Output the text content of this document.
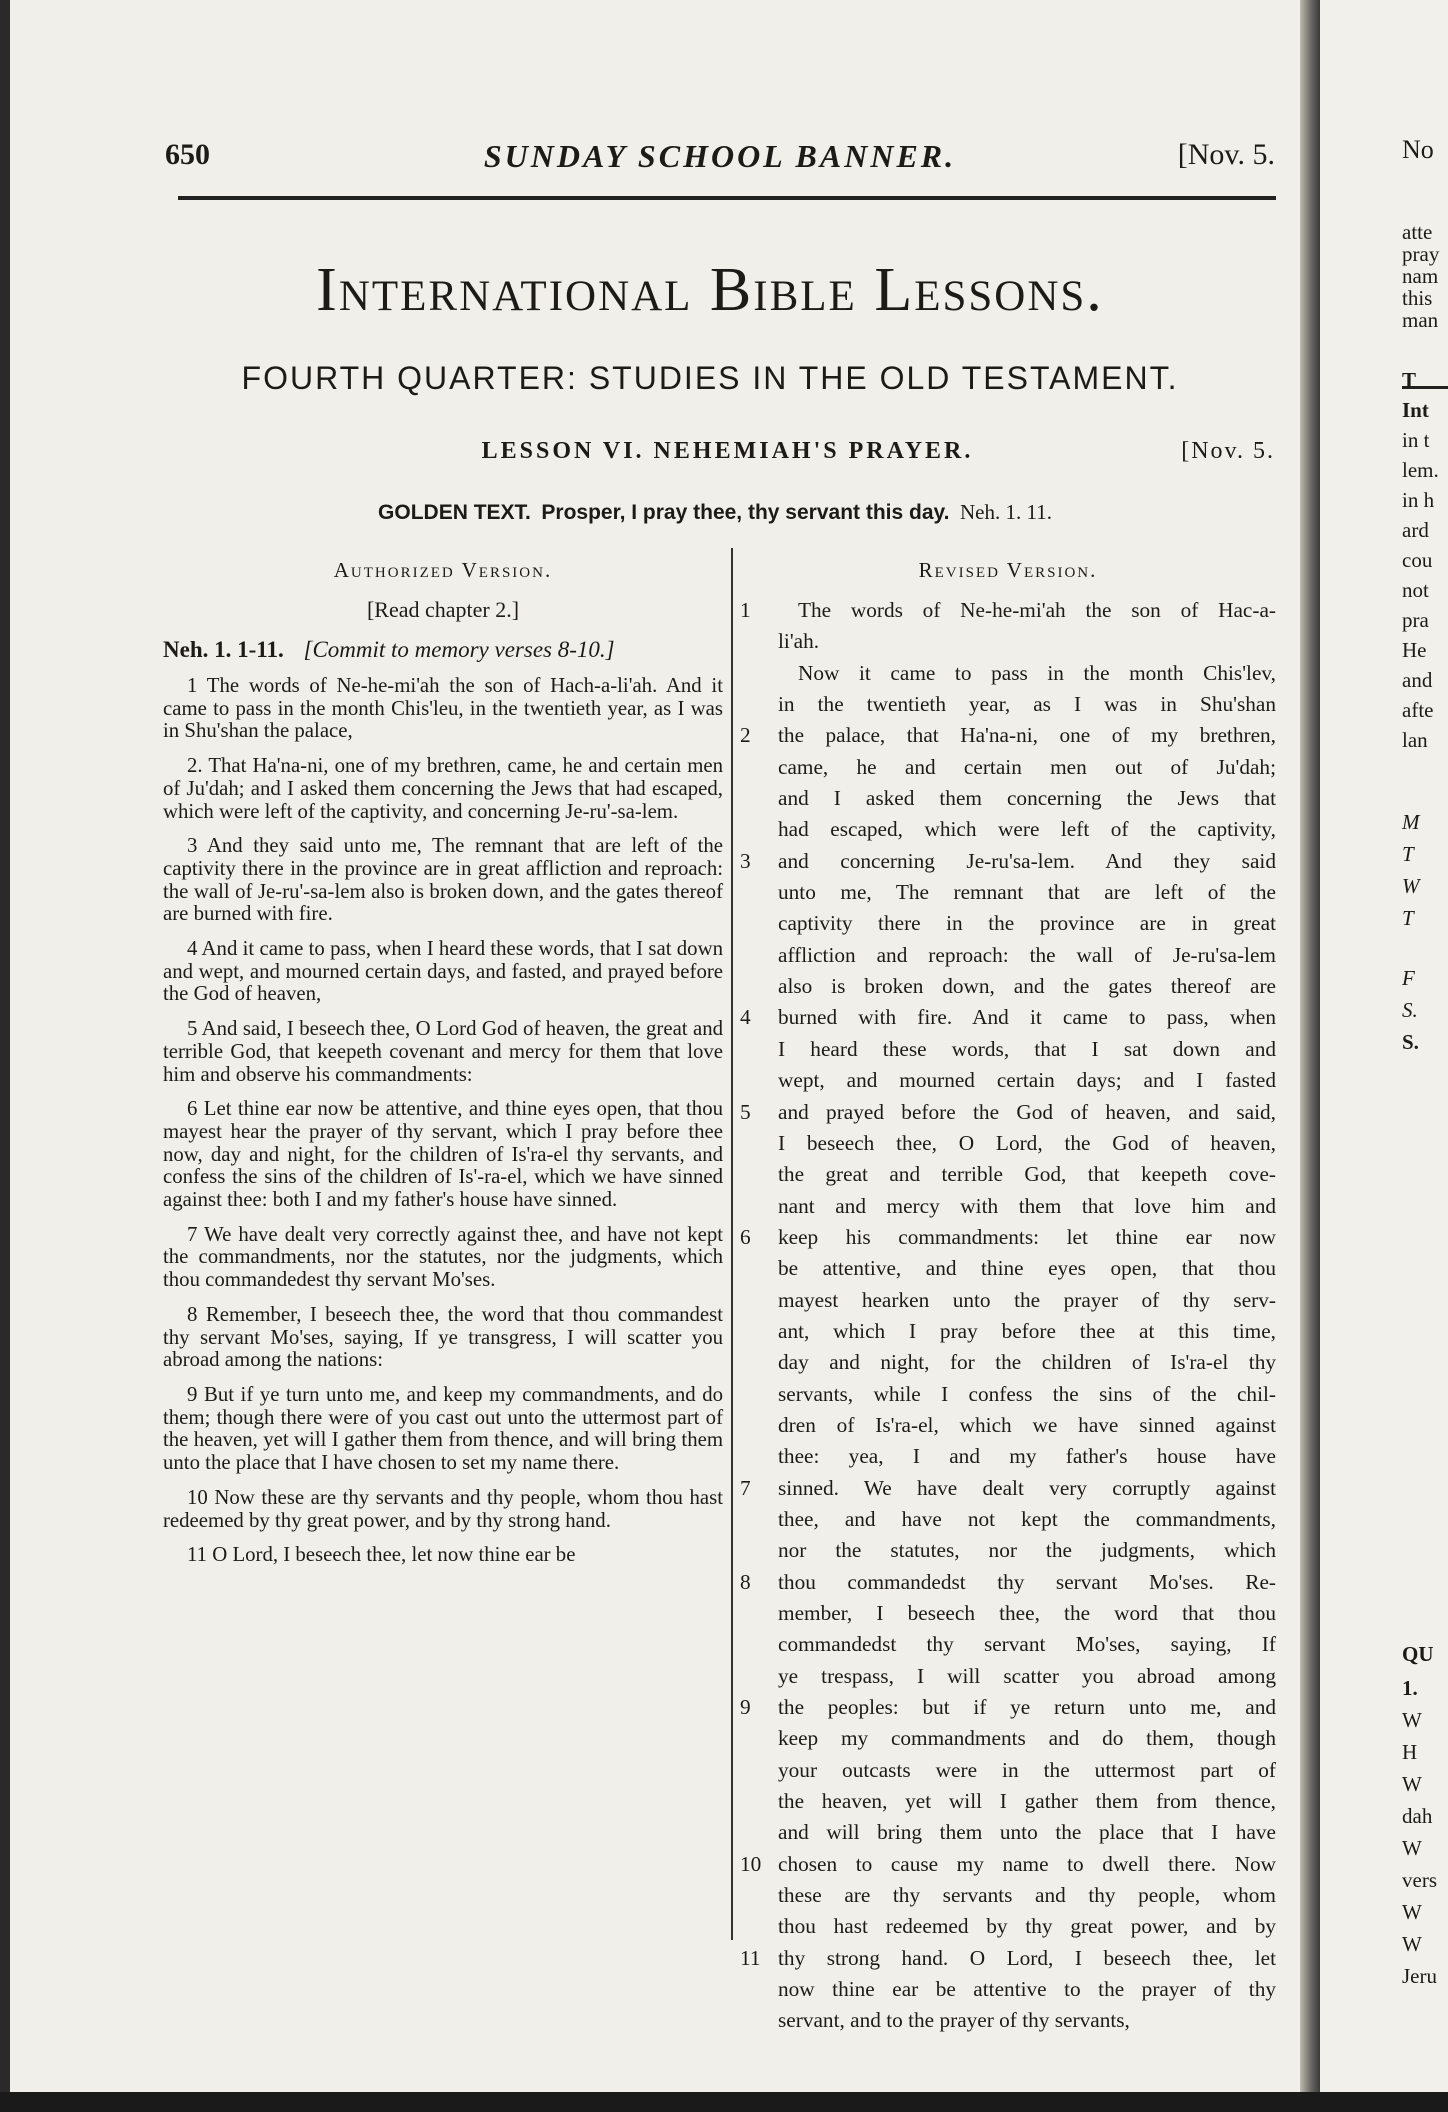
650	SUNDAY SCHOOL BANNER.	[Nov. 5.
International Bible Lessons.
FOURTH QUARTER: STUDIES IN THE OLD TESTAMENT.
LESSON VI. NEHEMIAH'S PRAYER.	[Nov. 5.
GOLDEN TEXT. Prosper, I pray thee, thy servant this day. Neh. 1. 11.
Authorized Version.
[Read chapter 2.]
Neh. 1. 1-11. [Commit to memory verses 8-10.]

1 The words of Ne-he-mi'ah the son of Hach-a-li'ah. And it came to pass in the month Chis'leu, in the twentieth year, as I was in Shu'shan the palace,

2. That Ha'na-ni, one of my brethren, came, he and certain men of Ju'dah; and I asked them concerning the Jews that had escaped, which were left of the captivity, and concerning Je-ru'-sa-lem.

3 And they said unto me, The remnant that are left of the captivity there in the province are in great affliction and reproach: the wall of Je-ru'-sa-lem also is broken down, and the gates thereof are burned with fire.

4 And it came to pass, when I heard these words, that I sat down and wept, and mourned certain days, and fasted, and prayed before the God of heaven,

5 And said, I beseech thee, O Lord God of heaven, the great and terrible God, that keepeth covenant and mercy for them that love him and observe his commandments:

6 Let thine ear now be attentive, and thine eyes open, that thou mayest hear the prayer of thy servant, which I pray before thee now, day and night, for the children of Is'ra-el thy servants, and confess the sins of the children of Is'-ra-el, which we have sinned against thee: both I and my father's house have sinned.

7 We have dealt very correctly against thee, and have not kept the commandments, nor the statutes, nor the judgments, which thou commandedest thy servant Mo'ses.

8 Remember, I beseech thee, the word that thou commandest thy servant Mo'ses, saying, If ye transgress, I will scatter you abroad among the nations:

9 But if ye turn unto me, and keep my commandments, and do them; though there were of you cast out unto the uttermost part of the heaven, yet will I gather them from thence, and will bring them unto the place that I have chosen to set my name there.

10 Now these are thy servants and thy people, whom thou hast redeemed by thy great power, and by thy strong hand.

11 O Lord, I beseech thee, let now thine ear be

Revised Version.
1 The words of Ne-he-mi'ah the son of Hac-a-
li'ah.
Now it came to pass in the month Chis'lev,
in the twentieth year, as I was in Shu'shan
2 the palace, that Ha'na-ni, one of my brethren,
came, he and certain men out of Ju'dah;
and I asked them concerning the Jews that
had escaped, which were left of the captivity,
3 and concerning Je-ru'sa-lem. And they said
unto me, The remnant that are left of the
captivity there in the province are in great
affliction and reproach: the wall of Je-ru'sa-lem
also is broken down, and the gates thereof are
4 burned with fire. And it came to pass, when
I heard these words, that I sat down and
wept, and mourned certain days; and I fasted
5 and prayed before the God of heaven, and said,
I beseech thee, O Lord, the God of heaven,
the great and terrible God, that keepeth cove-
nant and mercy with them that love him and
6 keep his commandments: let thine ear now
be attentive, and thine eyes open, that thou
mayest hearken unto the prayer of thy serv-
ant, which I pray before thee at this time,
day and night, for the children of Is'ra-el thy
servants, while I confess the sins of the chil-
dren of Is'ra-el, which we have sinned against
thee: yea, I and my father's house have
7 sinned. We have dealt very corruptly against
thee, and have not kept the commandments,
nor the statutes, nor the judgments, which
8 thou commandedst thy servant Mo'ses. Re-
member, I beseech thee, the word that thou
commandedst thy servant Mo'ses, saying, If
ye trespass, I will scatter you abroad among
9 the peoples: but if ye return unto me, and
keep my commandments and do them, though
your outcasts were in the uttermost part of
the heaven, yet will I gather them from thence,
and will bring them unto the place that I have
10 chosen to cause my name to dwell there. Now
these are thy servants and thy people, whom
thou hast redeemed by thy great power, and by
11 thy strong hand. O Lord, I beseech thee, let
now thine ear be attentive to the prayer of thy
servant, and to the prayer of thy servants,
No
atte
pray
nam
this
man
T
Int
in t
lem.
in h
ard
cou
not
pra
He
and
afte
lan
M
T
W
T
F
S.
S.
QU
1.
W
H
W
dah
W
vers
W
W
Jeru
